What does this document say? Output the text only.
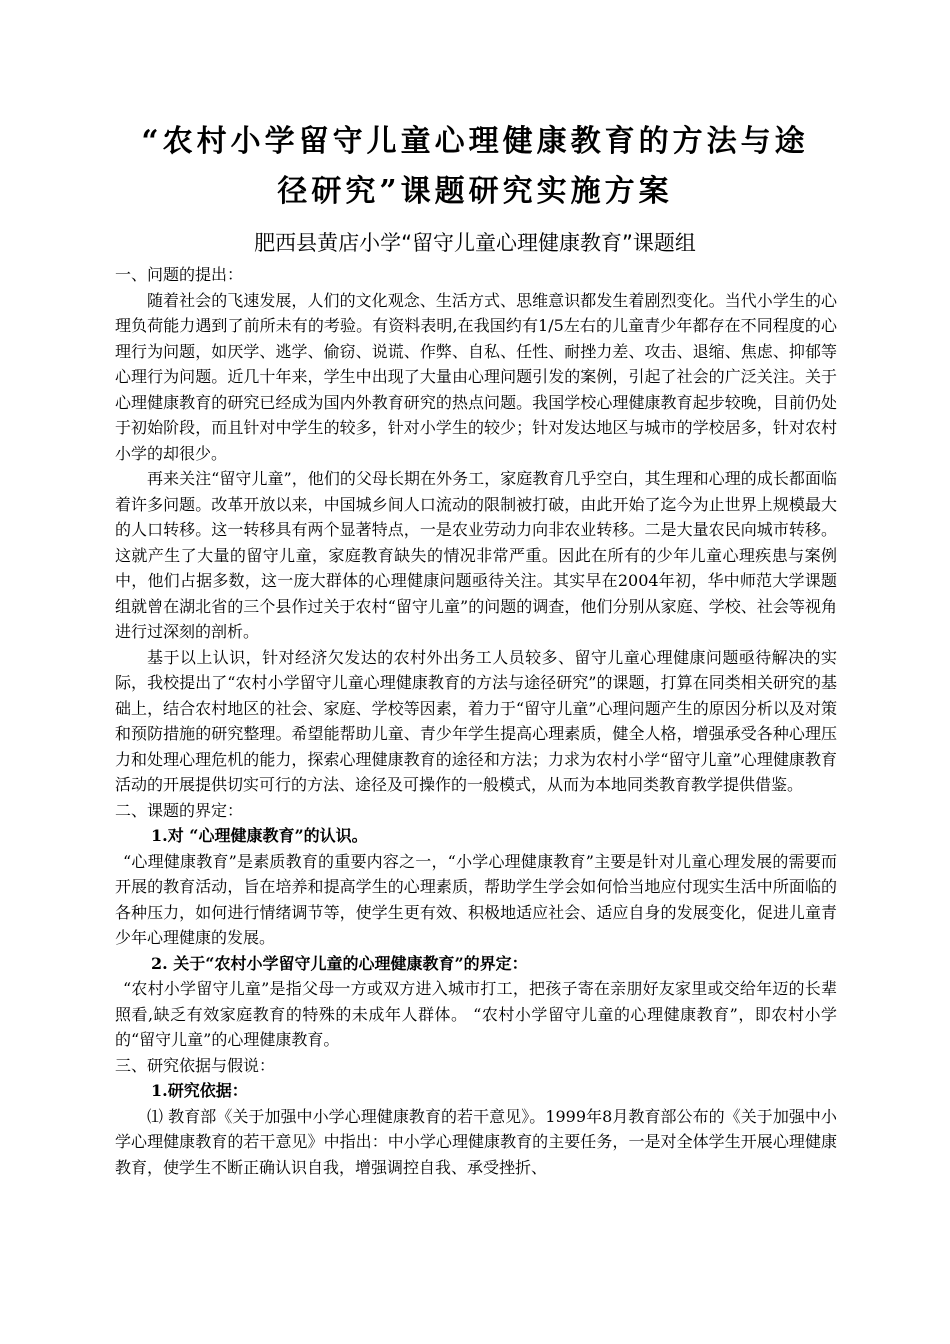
“农村小学留守儿童心理健康教育的方法与途
径研究”课题研究实施方案
肥西县黄店小学“留守儿童心理健康教育”课题组

一、问题的提出：

随着社会的飞速发展，人们的文化观念、生活方式、思维意识都发生着剧烈变化。当代小学生的心理负荷能力遇到了前所未有的考验。有资料表明,在我国约有1/5左右的儿童青少年都存在不同程度的心理行为问题，如厌学、逃学、偷窃、说谎、作弊、自私、任性、耐挫力差、攻击、退缩、焦虑、抑郁等心理行为问题。近几十年来，学生中出现了大量由心理问题引发的案例，引起了社会的广泛关注。关于心理健康教育的研究已经成为国内外教育研究的热点问题。我国学校心理健康教育起步较晚，目前仍处于初始阶段，而且针对中学生的较多，针对小学生的较少；针对发达地区与城市的学校居多，针对农村小学的却很少。

再来关注“留守儿童”，他们的父母长期在外务工，家庭教育几乎空白，其生理和心理的成长都面临着许多问题。改革开放以来，中国城乡间人口流动的限制被打破，由此开始了迄今为止世界上规模最大的人口转移。这一转移具有两个显著特点，一是农业劳动力向非农业转移。二是大量农民向城市转移。这就产生了大量的留守儿童，家庭教育缺失的情况非常严重。因此在所有的少年儿童心理疾患与案例中，他们占据多数，这一庞大群体的心理健康问题亟待关注。其实早在2004年初，华中师范大学课题组就曾在湖北省的三个县作过关于农村“留守儿童”的问题的调查，他们分别从家庭、学校、社会等视角进行过深刻的剖析。

基于以上认识，针对经济欠发达的农村外出务工人员较多、留守儿童心理健康问题亟待解决的实际，我校提出了“农村小学留守儿童心理健康教育的方法与途径研究”的课题，打算在同类相关研究的基础上，结合农村地区的社会、家庭、学校等因素，着力于“留守儿童”心理问题产生的原因分析以及对策和预防措施的研究整理。希望能帮助儿童、青少年学生提高心理素质，健全人格，增强承受各种心理压力和处理心理危机的能力，探索心理健康教育的途径和方法；力求为农村小学“留守儿童”心理健康教育活动的开展提供切实可行的方法、途径及可操作的一般模式，从而为本地同类教育教学提供借鉴。

二、课题的界定：

1.对 “心理健康教育”的认识。

“心理健康教育”是素质教育的重要内容之一，“小学心理健康教育”主要是针对儿童心理发展的需要而开展的教育活动，旨在培养和提高学生的心理素质，帮助学生学会如何恰当地应付现实生活中所面临的各种压力，如何进行情绪调节等，使学生更有效、积极地适应社会、适应自身的发展变化，促进儿童青少年心理健康的发展。

2. 关于“农村小学留守儿童的心理健康教育”的界定：

“农村小学留守儿童”是指父母一方或双方进入城市打工，把孩子寄在亲朋好友家里或交给年迈的长辈照看,缺乏有效家庭教育的特殊的未成年人群体。 “农村小学留守儿童的心理健康教育”，即农村小学的“留守儿童”的心理健康教育。

三、研究依据与假说：

1.研究依据：

⑴ 教育部《关于加强中小学心理健康教育的若干意见》。1999年8月教育部公布的《关于加强中小学心理健康教育的若干意见》中指出：中小学心理健康教育的主要任务，一是对全体学生开展心理健康教育，使学生不断正确认识自我，增强调控自我、承受挫折、
